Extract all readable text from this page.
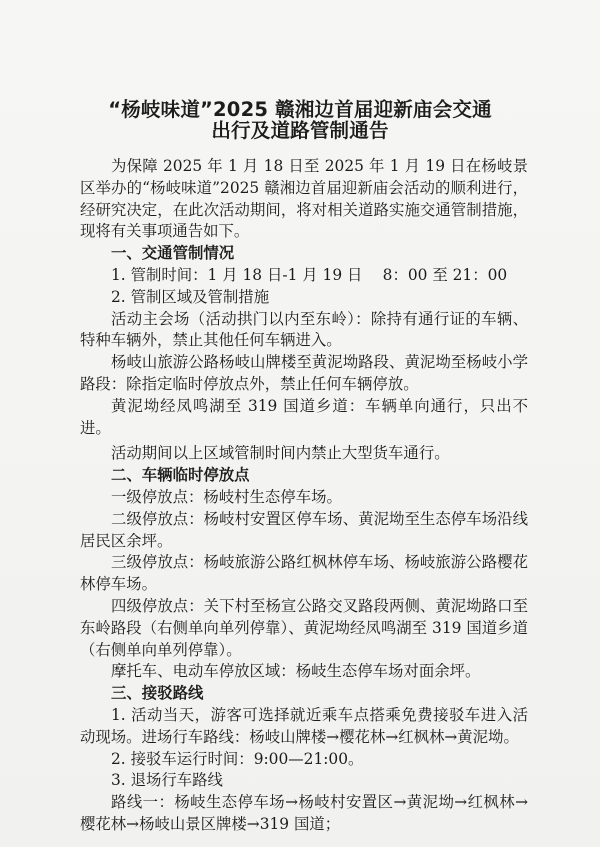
“杨岐味道”2025 赣湘边首届迎新庙会交通
出行及道路管制通告

为保障 2025 年 1 月 18 日至 2025 年 1 月 19 日在杨岐景区举办的“杨岐味道”2025 赣湘边首届迎新庙会活动的顺利进行，经研究决定，在此次活动期间，将对相关道路实施交通管制措施，现将有关事项通告如下。

一、交通管制情况

1. 管制时间：1 月 18 日-1 月 19 日　 8：00 至 21：00

2. 管制区域及管制措施

活动主会场（活动拱门以内至东岭）：除持有通行证的车辆、特种车辆外，禁止其他任何车辆进入。

杨岐山旅游公路杨岐山牌楼至黄泥坳路段、黄泥坳至杨岐小学路段：除指定临时停放点外，禁止任何车辆停放。

黄泥坳经凤鸣湖至 319 国道乡道：车辆单向通行，只出不进。

活动期间以上区域管制时间内禁止大型货车通行。

二、车辆临时停放点

一级停放点：杨岐村生态停车场。

二级停放点：杨岐村安置区停车场、黄泥坳至生态停车场沿线居民区余坪。

三级停放点：杨岐旅游公路红枫林停车场、杨岐旅游公路樱花林停车场。

四级停放点：关下村至杨宣公路交叉路段两侧、黄泥坳路口至东岭路段（右侧单向单列停靠）、黄泥坳经凤鸣湖至 319 国道乡道（右侧单向单列停靠）。

摩托车、电动车停放区域：杨岐生态停车场对面余坪。

三、接驳路线

1. 活动当天，游客可选择就近乘车点搭乘免费接驳车进入活动现场。进场行车路线：杨岐山牌楼→樱花林→红枫林→黄泥坳。

2. 接驳车运行时间：9:00—21:00。

3. 退场行车路线

路线一：杨岐生态停车场→杨岐村安置区→黄泥坳→红枫林→樱花林→杨岐山景区牌楼→319 国道；
